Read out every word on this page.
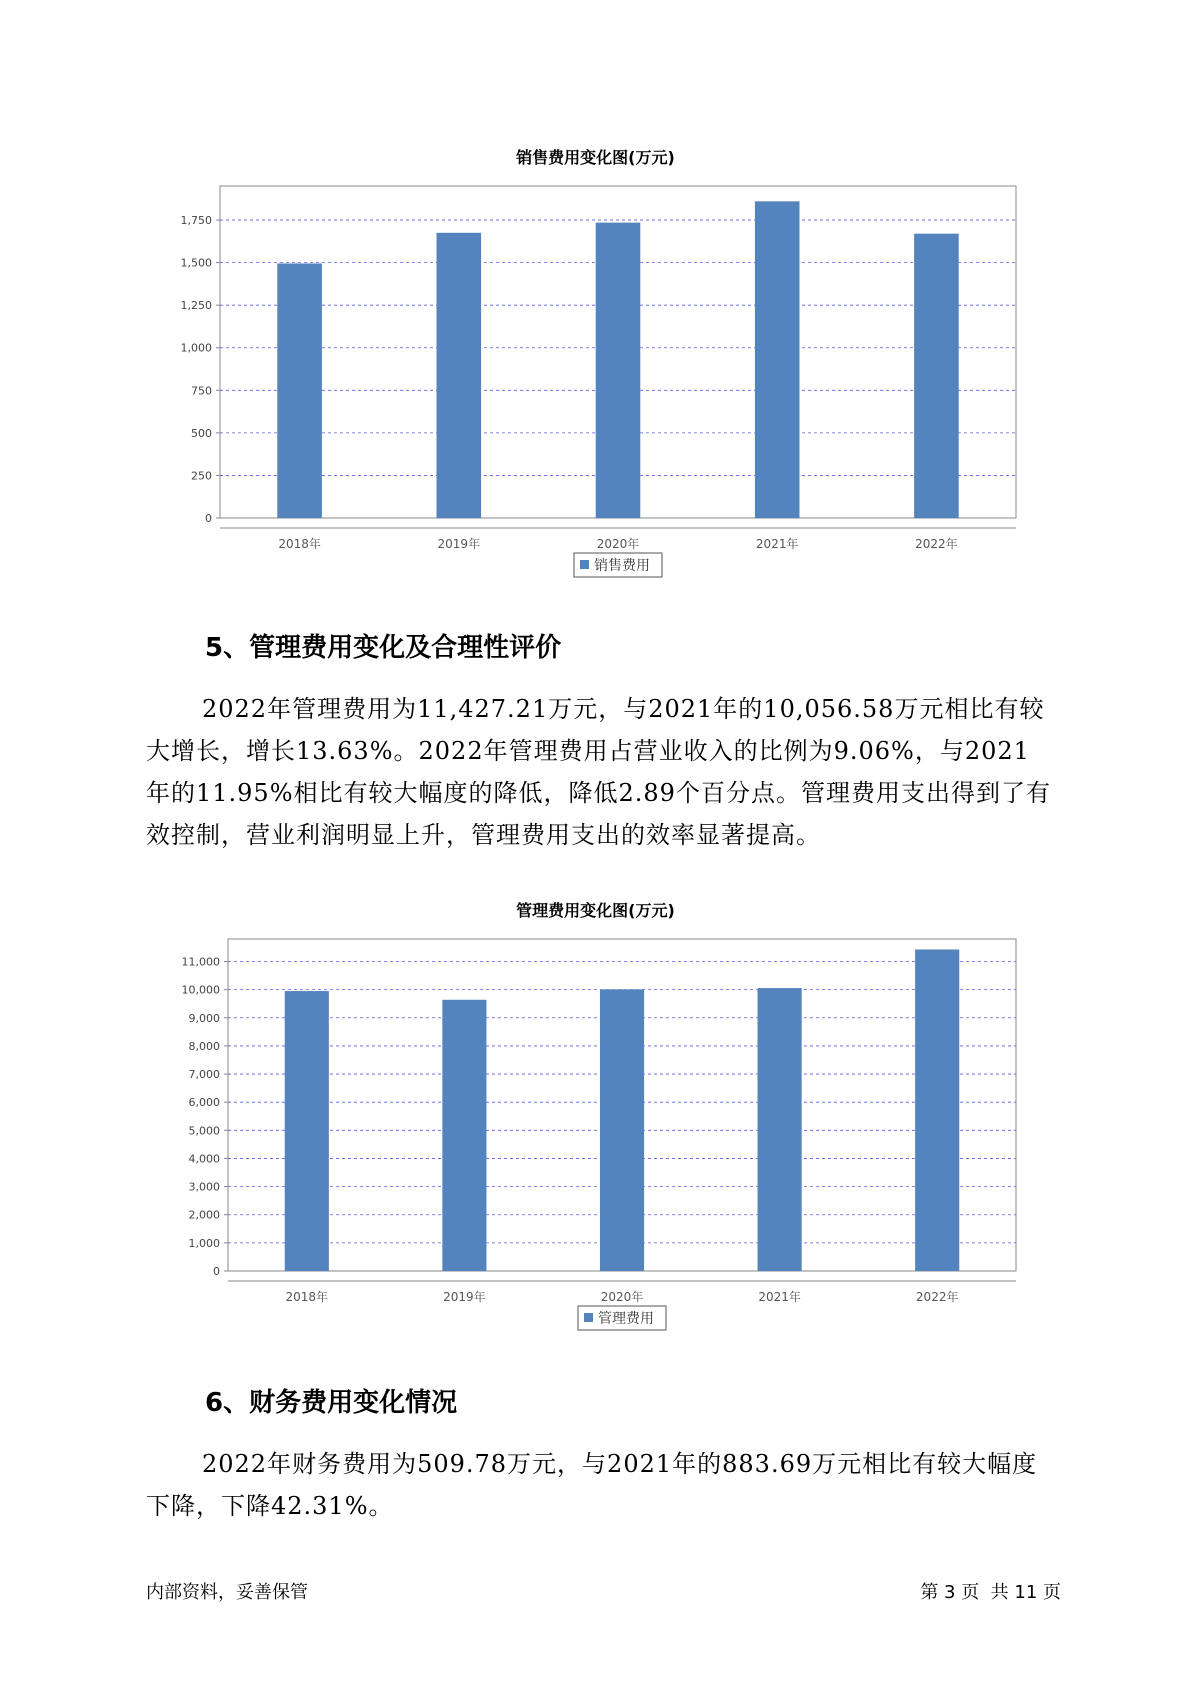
销售费用变化图(万元)
0
250
500
750
1,000
1,250
1,500
1,750
2018年	2019年	2020年	2021年	2022年
销售费用
5、管理费用变化及合理性评价

2022年管理费用为11,427.21万元，与2021年的10,056.58万元相比有较大增长，增长13.63%。2022年管理费用占营业收入的比例为9.06%，与2021年的11.95%相比有较大幅度的降低，降低2.89个百分点。管理费用支出得到了有效控制，营业利润明显上升，管理费用支出的效率显著提高。

管理费用变化图(万元)
0
1,000
2,000
3,000
4,000
5,000
6,000
7,000
8,000
9,000
10,000
11,000
2018年	2019年	2020年	2021年	2022年
管理费用
6、财务费用变化情况

2022年财务费用为509.78万元，与2021年的883.69万元相比有较大幅度下降，下降42.31%。

内部资料，妥善保管	第 3 页  共 11 页
